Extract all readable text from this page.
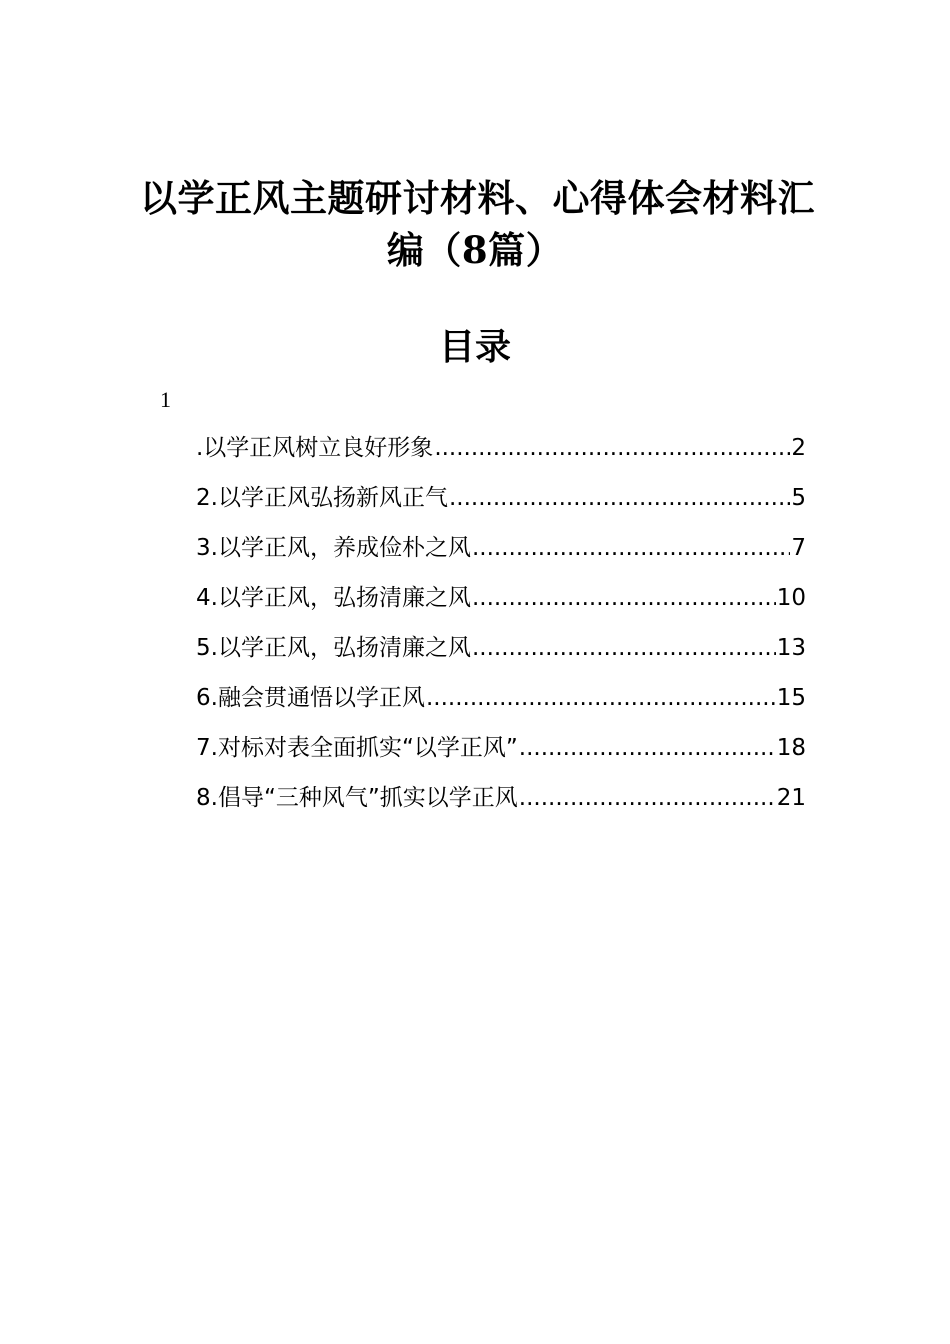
以学正风主题研讨材料、心得体会材料汇
编（8篇）
目录
1
.以学正风树立良好形象 .....	2
2.以学正风弘扬新风正气 .....	5
3.以学正风，养成俭朴之风 .....	7
4.以学正风，弘扬清廉之风 .....	10
5.以学正风，弘扬清廉之风 .....	13
6.融会贯通悟以学正风 .....	15
7.对标对表全面抓实“以学正风” .....	18
8.倡导“三种风气”抓实以学正风 .....	21
